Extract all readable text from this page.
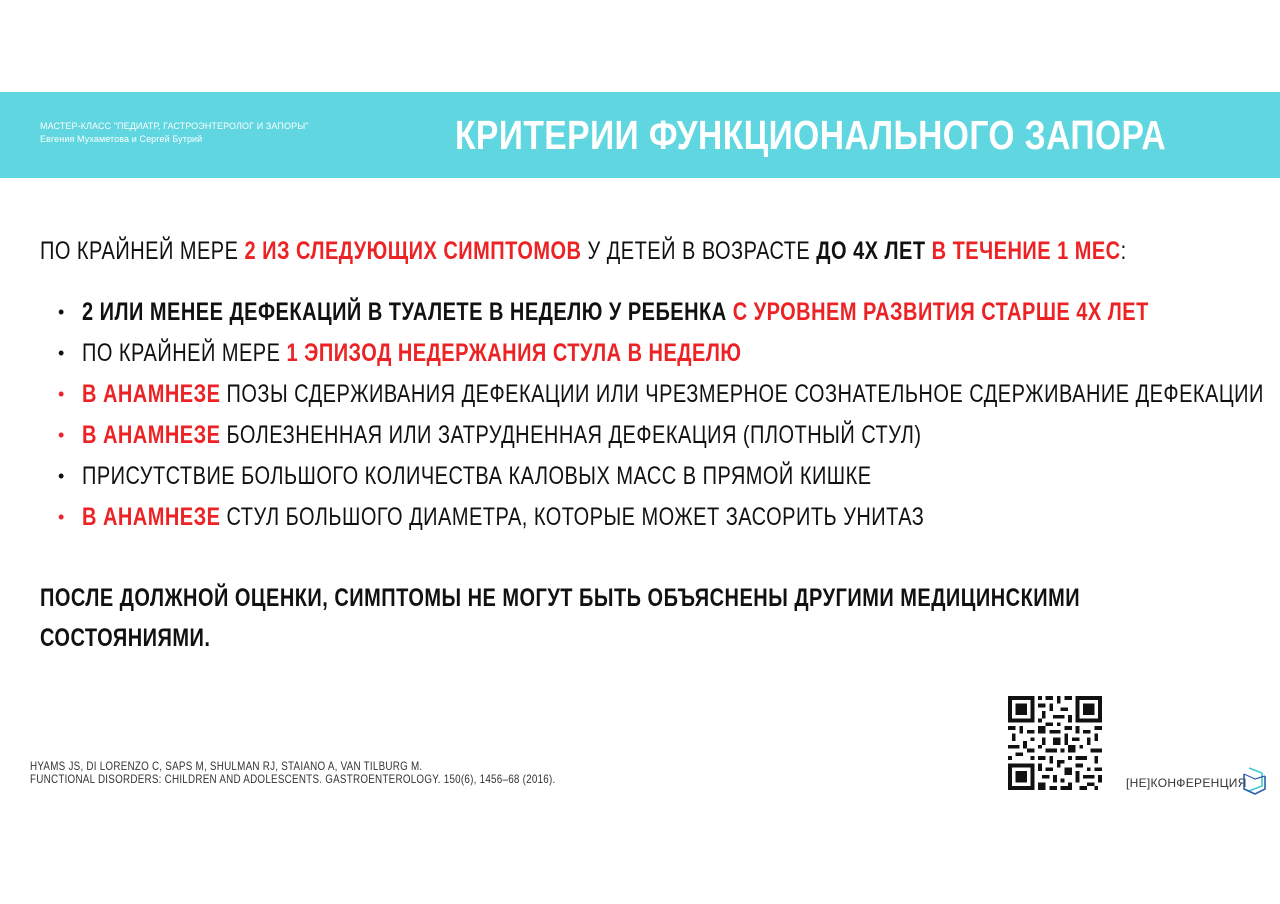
МАСТЕР-КЛАСС "ПЕДИАТР, ГАСТРОЭНТЕРОЛОГ И ЗАПОРЫ"
Евгения Мухаметова и Сергей Бутрий	КРИТЕРИИ ФУНКЦИОНАЛЬНОГО ЗАПОРА
ПО КРАЙНЕЙ МЕРЕ 2 ИЗ СЛЕДУЮЩИХ СИМПТОМОВ У ДЕТЕЙ В ВОЗРАСТЕ ДО 4Х ЛЕТ В ТЕЧЕНИЕ 1 МЕС:
• 2 ИЛИ МЕНЕЕ ДЕФЕКАЦИЙ В ТУАЛЕТЕ В НЕДЕЛЮ У РЕБЕНКА С УРОВНЕМ РАЗВИТИЯ СТАРШЕ 4Х ЛЕТ
• ПО КРАЙНЕЙ МЕРЕ 1 ЭПИЗОД НЕДЕРЖАНИЯ СТУЛА В НЕДЕЛЮ
• В АНАМНЕЗЕ ПОЗЫ СДЕРЖИВАНИЯ ДЕФЕКАЦИИ ИЛИ ЧРЕЗМЕРНОЕ СОЗНАТЕЛЬНОЕ СДЕРЖИВАНИЕ ДЕФЕКАЦИИ
• В АНАМНЕЗЕ БОЛЕЗНЕННАЯ ИЛИ ЗАТРУДНЕННАЯ ДЕФЕКАЦИЯ (ПЛОТНЫЙ СТУЛ)
• ПРИСУТСТВИЕ БОЛЬШОГО КОЛИЧЕСТВА КАЛОВЫХ МАСС В ПРЯМОЙ КИШКЕ
• В АНАМНЕЗЕ СТУЛ БОЛЬШОГО ДИАМЕТРА, КОТОРЫЕ МОЖЕТ ЗАСОРИТЬ УНИТАЗ
ПОСЛЕ ДОЛЖНОЙ ОЦЕНКИ, СИМПТОМЫ НЕ МОГУТ БЫТЬ ОБЪЯСНЕНЫ ДРУГИМИ МЕДИЦИНСКИМИ
СОСТОЯНИЯМИ.
HYAMS JS, DI LORENZO C, SAPS M, SHULMAN RJ, STAIANO A, VAN TILBURG M.
FUNCTIONAL DISORDERS: CHILDREN AND ADOLESCENTS. GASTROENTEROLOGY. 150(6), 1456–68 (2016).	[НЕ]КОНФЕРЕНЦИЯ
